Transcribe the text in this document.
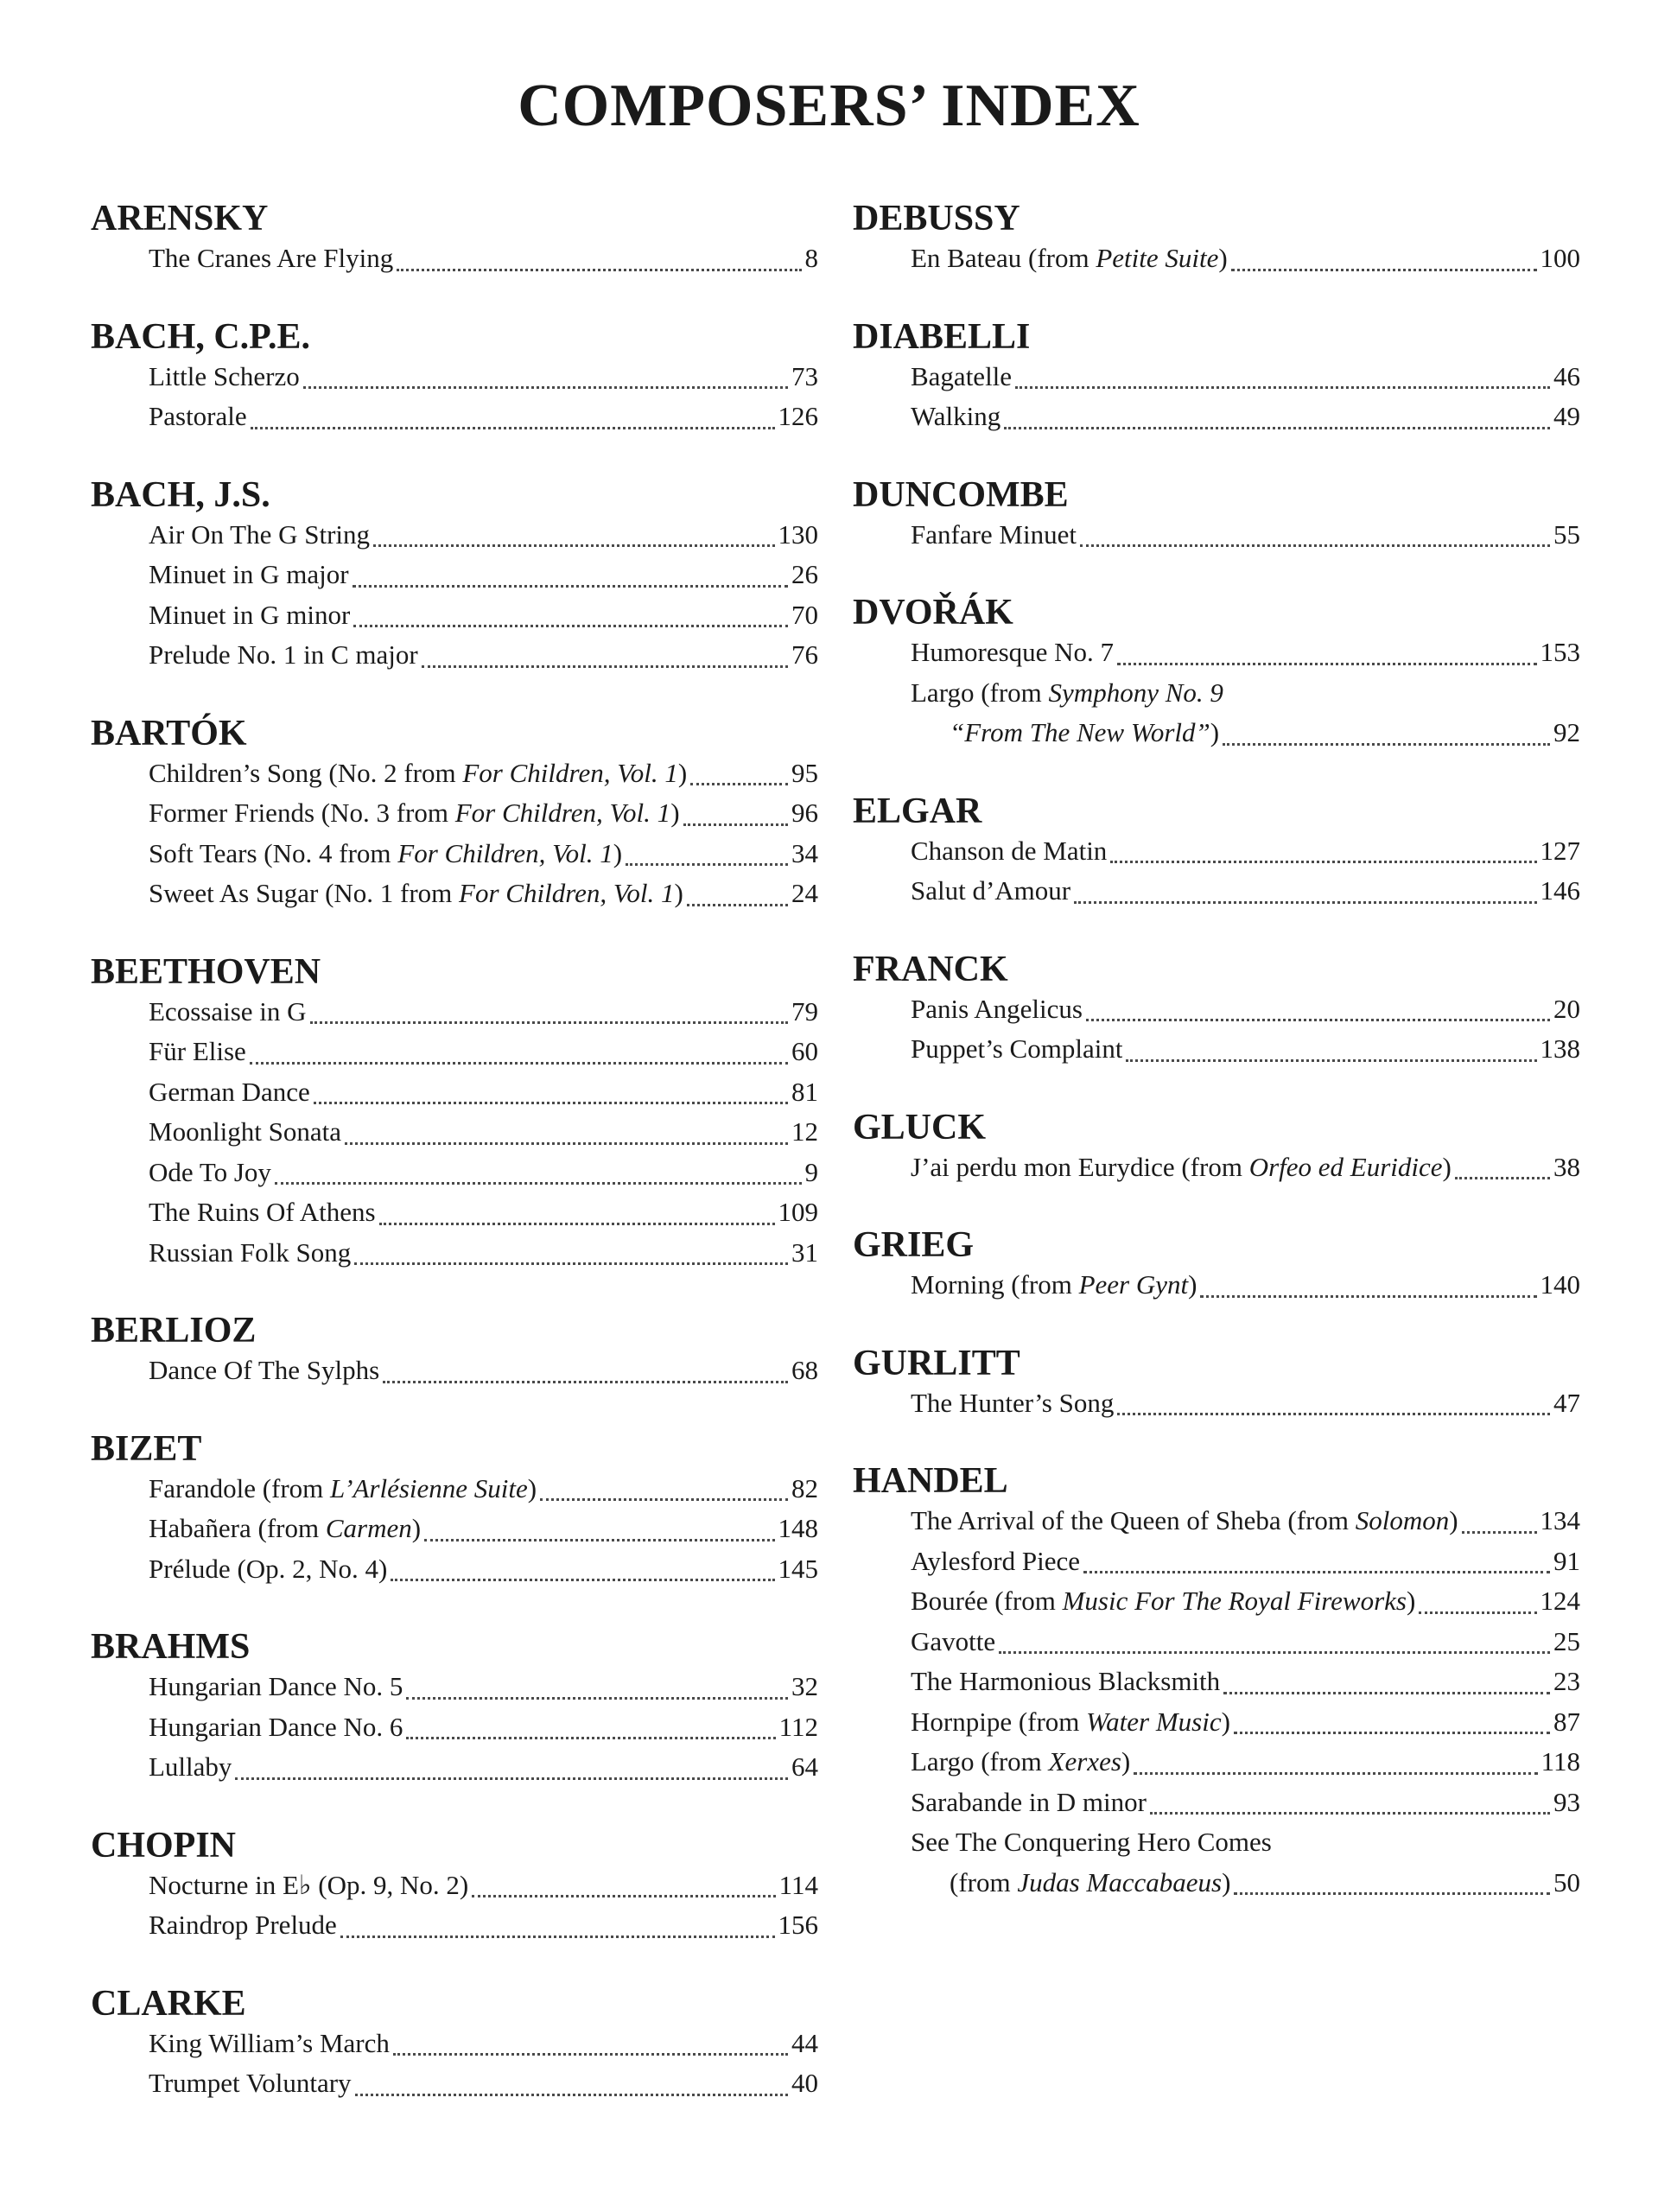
COMPOSERS’ INDEX
ARENSKY
The Cranes Are Flying	8
BACH, C.P.E.
Little Scherzo	73
Pastorale	126
BACH, J.S.
Air On The G String	130
Minuet in G major	26
Minuet in G minor	70
Prelude No. 1 in C major	76
BARTÓK
Children’s Song (No. 2 from For Children, Vol. 1)	95
Former Friends (No. 3 from For Children, Vol. 1)	96
Soft Tears (No. 4 from For Children, Vol. 1)	34
Sweet As Sugar (No. 1 from For Children, Vol. 1)	24
BEETHOVEN
Ecossaise in G	79
Für Elise	60
German Dance	81
Moonlight Sonata	12
Ode To Joy	9
The Ruins Of Athens	109
Russian Folk Song	31
BERLIOZ
Dance Of The Sylphs	68
BIZET
Farandole (from L’Arlésienne Suite)	82
Habañera (from Carmen)	148
Prélude (Op. 2, No. 4)	145
BRAHMS
Hungarian Dance No. 5	32
Hungarian Dance No. 6	112
Lullaby	64
CHOPIN
Nocturne in E♭ (Op. 9, No. 2)	114
Raindrop Prelude	156
CLARKE
King William’s March	44
Trumpet Voluntary	40
DEBUSSY
En Bateau (from Petite Suite)	100
DIABELLI
Bagatelle	46
Walking	49
DUNCOMBE
Fanfare Minuet	55
DVOŘÁK
Humoresque No. 7	153
Largo (from Symphony No. 9
“From The New World”)	92
ELGAR
Chanson de Matin	127
Salut d’Amour	146
FRANCK
Panis Angelicus	20
Puppet’s Complaint	138
GLUCK
J’ai perdu mon Eurydice (from Orfeo ed Euridice)	38
GRIEG
Morning (from Peer Gynt)	140
GURLITT
The Hunter’s Song	47
HANDEL
The Arrival of the Queen of Sheba (from Solomon)	134
Aylesford Piece	91
Bourée (from Music For The Royal Fireworks)	124
Gavotte	25
The Harmonious Blacksmith	23
Hornpipe (from Water Music)	87
Largo (from Xerxes)	118
Sarabande in D minor	93
See The Conquering Hero Comes
(from Judas Maccabaeus)	50
